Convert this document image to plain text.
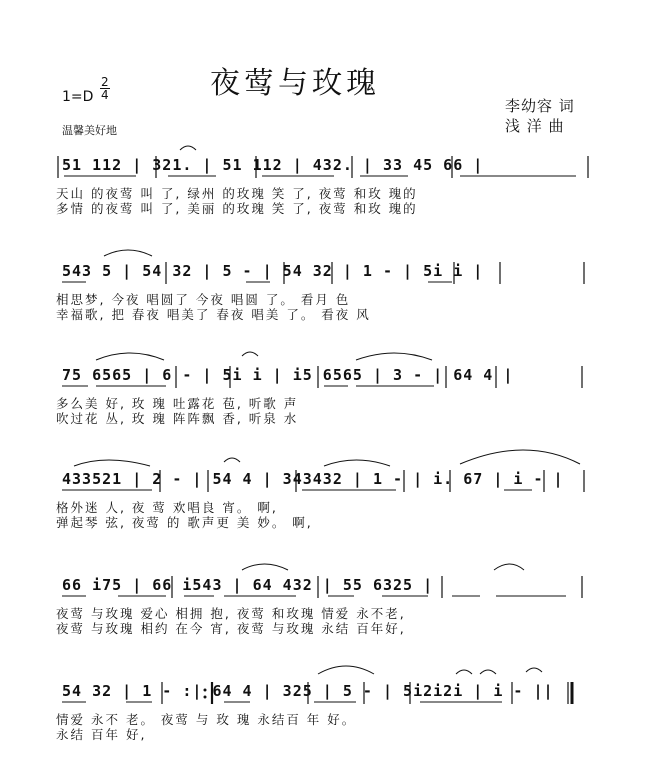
夜莺与玫瑰
1=D
2
4
温馨美好地
李幼容 词
浅 洋 曲
51 112 | 321. | 51 112 | 432. | 33 45 66 |
天山 的夜莺 叫 了, 绿州 的玫瑰 笑 了, 夜莺 和玫 瑰的
多情 的夜莺 叫 了, 美丽 的玫瑰 笑 了, 夜莺 和玫 瑰的
543 5 | 54 32 | 5 - | 54 32 | 1 - | 5i i |
相思梦, 今夜 唱圆了 今夜 唱圆 了。 看月 色
幸福歌, 把 春夜 唱美了 春夜 唱美 了。 看夜 风
75 6565 | 6 - | 5i i | i5 6565 | 3 - | 64 4 |
多么美 好, 玫 瑰 吐露花 苞, 听歌 声
吹过花 丛, 玫 瑰 阵阵飘 香, 听泉 水
433521 | 2 - | 54 4 | 343432 | 1 - | i. 67 | i - |
格外迷 人, 夜 莺 欢唱良 宵。 啊,
弹起琴 弦, 夜莺 的 歌声更 美 妙。 啊,
66 i75 | 66 i543 | 64 432 | 55 6325 |
夜莺 与玫瑰 爱心 相拥 抱, 夜莺 和玫瑰 情爱 永不老,
夜莺 与玫瑰 相约 在今 宵, 夜莺 与玫瑰 永结 百年好,
54 32 | 1 - :| 64 4 | 325 | 5 - | 5i2i2i | i - ||
情爱 永不 老。 夜莺 与 玫 瑰 永结百 年 好。
永结 百年 好,
